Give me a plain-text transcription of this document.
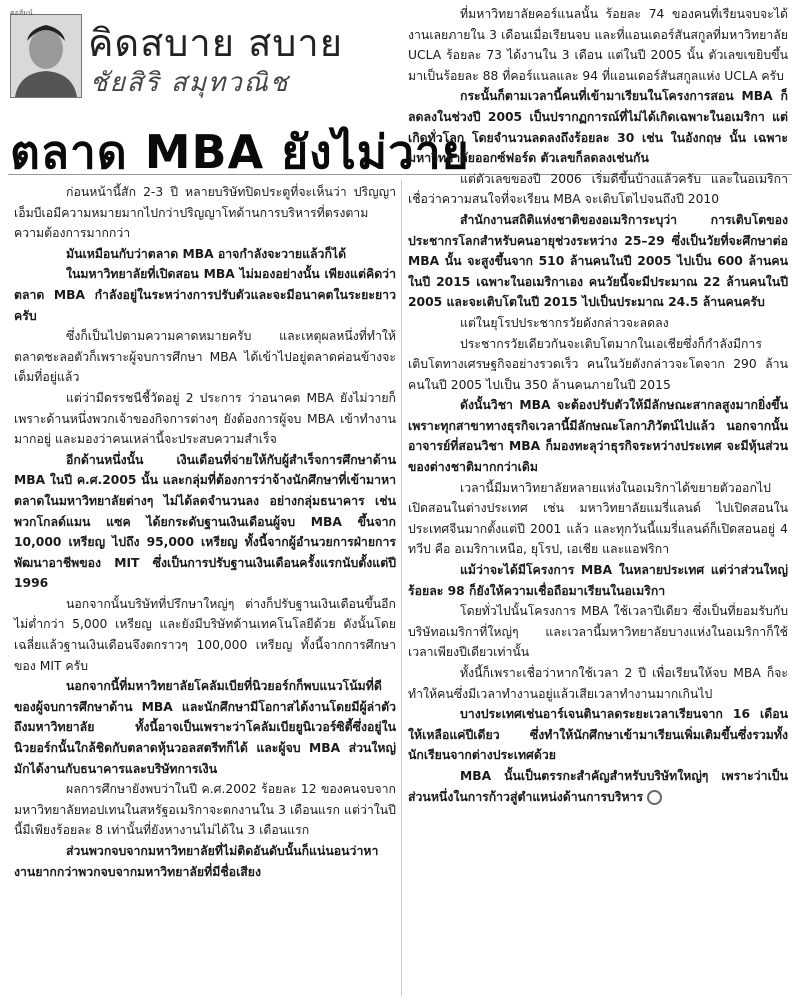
คอลัมน์
คิดสบาย สบาย
ชัยสิริ สมุทวณิช
ตลาด MBA ยังไม่วาย

ก่อนหน้านี้สัก 2-3 ปี หลายบริษัทปิดประตูที่จะเห็นว่า ปริญญาเอ็มบีเอมีความหมายมากไปกว่าปริญญาโทด้านการบริหารที่ตรงตามความต้องการมากกว่า

มันเหมือนกับว่าตลาด MBA อาจกำลังจะวายแล้วก็ได้

ในมหาวิทยาลัยที่เปิดสอน MBA ไม่มองอย่างนั้น เพียงแต่คิดว่าตลาด MBA กำลังอยู่ในระหว่างการปรับตัวและจะมีอนาคตในระยะยาวครับ

ซึ่งก็เป็นไปตามความคาดหมายครับ และเหตุผลหนึ่งที่ทำให้ตลาดชะลอตัวก็เพราะผู้จบการศึกษา MBA ได้เข้าไปอยู่ตลาดค่อนข้างจะเต็มที่อยู่แล้ว

แต่ว่ามีดรรชนีชี้วัดอยู่ 2 ประการ ว่าอนาคต MBA ยังไม่วายก็เพราะด้านหนึ่งพวกเจ้าของกิจการต่างๆ ยังต้องการผู้จบ MBA เข้าทำงานมากอยู่ และมองว่าคนเหล่านี้จะประสบความสำเร็จ

อีกด้านหนึ่งนั้น เงินเดือนที่จ่ายให้กับผู้สำเร็จการศึกษาด้าน MBA ในปี ค.ศ.2005 นั้น และกลุ่มที่ต้องการว่าจ้างนักศึกษาที่เข้ามาหาตลาดในมหาวิทยาลัยต่างๆ ไม่ได้ลดจำนวนลง อย่างกลุ่มธนาคาร เช่น พวกโกลด์แมน แซค ได้ยกระดับฐานเงินเดือนผู้จบ MBA ขึ้นจาก 10,000 เหรียญ ไปถึง 95,000 เหรียญ ทั้งนี้จากผู้อำนวยการฝ่ายการพัฒนาอาชีพของ MIT ซึ่งเป็นการปรับฐานเงินเดือนครั้งแรกนับตั้งแต่ปี 1996

นอกจากนั้นบริษัทที่ปรึกษาใหญ่ๆ ต่างก็ปรับฐานเงินเดือนขึ้นอีกไม่ต่ำกว่า 5,000 เหรียญ และยังมีบริษัทด้านเทคโนโลยีด้วย ดังนั้นโดยเฉลี่ยแล้วฐานเงินเดือนจึงตกราวๆ 100,000 เหรียญ ทั้งนี้จากการศึกษาของ MIT ครับ

นอกจากนี้ที่มหาวิทยาลัยโคลัมเบียที่นิวยอร์กก็พบแนวโน้มที่ดีของผู้จบการศึกษาด้าน MBA และนักศึกษามีโอกาสได้งานโดยมีผู้ล่าตัวถึงมหาวิทยาลัย ทั้งนี้อาจเป็นเพราะว่าโคลัมเบียยูนิเวอร์ซิตี้ซึ่งอยู่ในนิวยอร์กนั้นใกล้ชิดกับตลาดหุ้นวอลสตรีทก็ได้ และผู้จบ MBA ส่วนใหญ่มักได้งานกับธนาคารและบริษัทการเงิน

ผลการศึกษายังพบว่าในปี ค.ศ.2002 ร้อยละ 12 ของคนจบจากมหาวิทยาลัยทอปเทนในสหรัฐอเมริกาจะตกงานใน 3 เดือนแรก แต่ว่าในปีนี้มีเพียงร้อยละ 8 เท่านั้นที่ยังหางานไม่ได้ใน 3 เดือนแรก

ส่วนพวกจบจากมหาวิทยาลัยที่ไม่ติดอันดับนั้นก็แน่นอนว่าหางานยากกว่าพวกจบจากมหาวิทยาลัยที่มีชื่อเสียง

ที่มหาวิทยาลัยคอร์แนลนั้น ร้อยละ 74 ของคนที่เรียนจบจะได้งานเลยภายใน 3 เดือนเมื่อเรียนจบ และที่แอนเดอร์สันสกูลที่มหาวิทยาลัย UCLA ร้อยละ 73 ได้งานใน 3 เดือน แต่ในปี 2005 นั้น ตัวเลขเขยิบขึ้นมาเป็นร้อยละ 88 ที่คอร์แนลและ 94 ที่แอนเดอร์สันสกูลแห่ง UCLA ครับ

กระนั้นก็ตามเวลานี้คนที่เข้ามาเรียนในโครงการสอน MBA ก็ลดลงในช่วงปี 2005 เป็นปรากฏการณ์ที่ไม่ได้เกิดเฉพาะในอเมริกา แต่เกิดทั่วโลก โดยจำนวนลดลงถึงร้อยละ 30 เช่น ในอังกฤษ นั้น เฉพาะมหาวิทยาลัยออกซ์ฟอร์ด ตัวเลขก็ลดลงเช่นกัน

แต่ตัวเลขของปี 2006 เริ่มดีขึ้นบ้างแล้วครับ และในอเมริกาเชื่อว่าความสนใจที่จะเรียน MBA จะเติบโตไปจนถึงปี 2010

สำนักงานสถิติแห่งชาติของอเมริการะบุว่า การเติบโตของประชากรโลกสำหรับคนอายุช่วงระหว่าง 25–29 ซึ่งเป็นวัยที่จะศึกษาต่อ MBA นั้น จะสูงขึ้นจาก 510 ล้านคนในปี 2005 ไปเป็น 600 ล้านคน ในปี 2015 เฉพาะในอเมริกาเอง คนวัยนี้จะมีประมาณ 22 ล้านคนในปี 2005 และจะเติบโตในปี 2015 ไปเป็นประมาณ 24.5 ล้านคนครับ

แต่ในยุโรปประชากรวัยดังกล่าวจะลดลง

ประชากรวัยเดียวกันจะเติบโตมากในเอเชียซึ่งก็กำลังมีการเติบโตทางเศรษฐกิจอย่างรวดเร็ว คนในวัยดังกล่าวจะโตจาก 290 ล้านคนในปี 2005 ไปเป็น 350 ล้านคนภายในปี 2015

ดังนั้นวิชา MBA จะต้องปรับตัวให้มีลักษณะสากลสูงมากยิ่งขึ้น เพราะทุกสาขาทางธุรกิจเวลานี้มีลักษณะโลกาภิวัตน์ไปแล้ว นอกจากนั้นอาจารย์ที่สอนวิชา MBA ก็มองทะลุว่าธุรกิจระหว่างประเทศ จะมีหุ้นส่วนของต่างชาติมากกว่าเดิม

เวลานี้มีมหาวิทยาลัยหลายแห่งในอเมริกาได้ขยายตัวออกไปเปิดสอนในต่างประเทศ เช่น มหาวิทยาลัยแมรี่แลนด์ ไปเปิดสอนในประเทศจีนมากตั้งแต่ปี 2001 แล้ว และทุกวันนี้แมรี่แลนด์ก็เปิดสอนอยู่ 4 ทวีป คือ อเมริกาเหนือ, ยุโรป, เอเชีย และแอฟริกา

แม้ว่าจะได้มีโครงการ MBA ในหลายประเทศ แต่ว่าส่วนใหญ่ร้อยละ 98 ก็ยังให้ความเชื่อถือมาเรียนในอเมริกา

โดยทั่วไปนั้นโครงการ MBA ใช้เวลาปีเดียว ซึ่งเป็นที่ยอมรับกับบริษัทอเมริกาที่ใหญ่ๆ และเวลานี้มหาวิทยาลัยบางแห่งในอเมริกาก็ใช้เวลาเพียงปีเดียวเท่านั้น

ทั้งนี้ก็เพราะเชื่อว่าหากใช้เวลา 2 ปี เพื่อเรียนให้จบ MBA ก็จะทำให้คนซึ่งมีเวลาทำงานอยู่แล้วเสียเวลาทำงานมากเกินไป

บางประเทศเช่นอาร์เจนตินาลดระยะเวลาเรียนจาก 16 เดือนให้เหลือแค่ปีเดียว ซึ่งทำให้นักศึกษาเข้ามาเรียนเพิ่มเติมขึ้นซึ่งรวมทั้งนักเรียนจากต่างประเทศด้วย

MBA นั้นเป็นตรรกะสำคัญสำหรับบริษัทใหญ่ๆ เพราะว่าเป็นส่วนหนึ่งในการก้าวสู่ตำแหน่งด้านการบริหาร
